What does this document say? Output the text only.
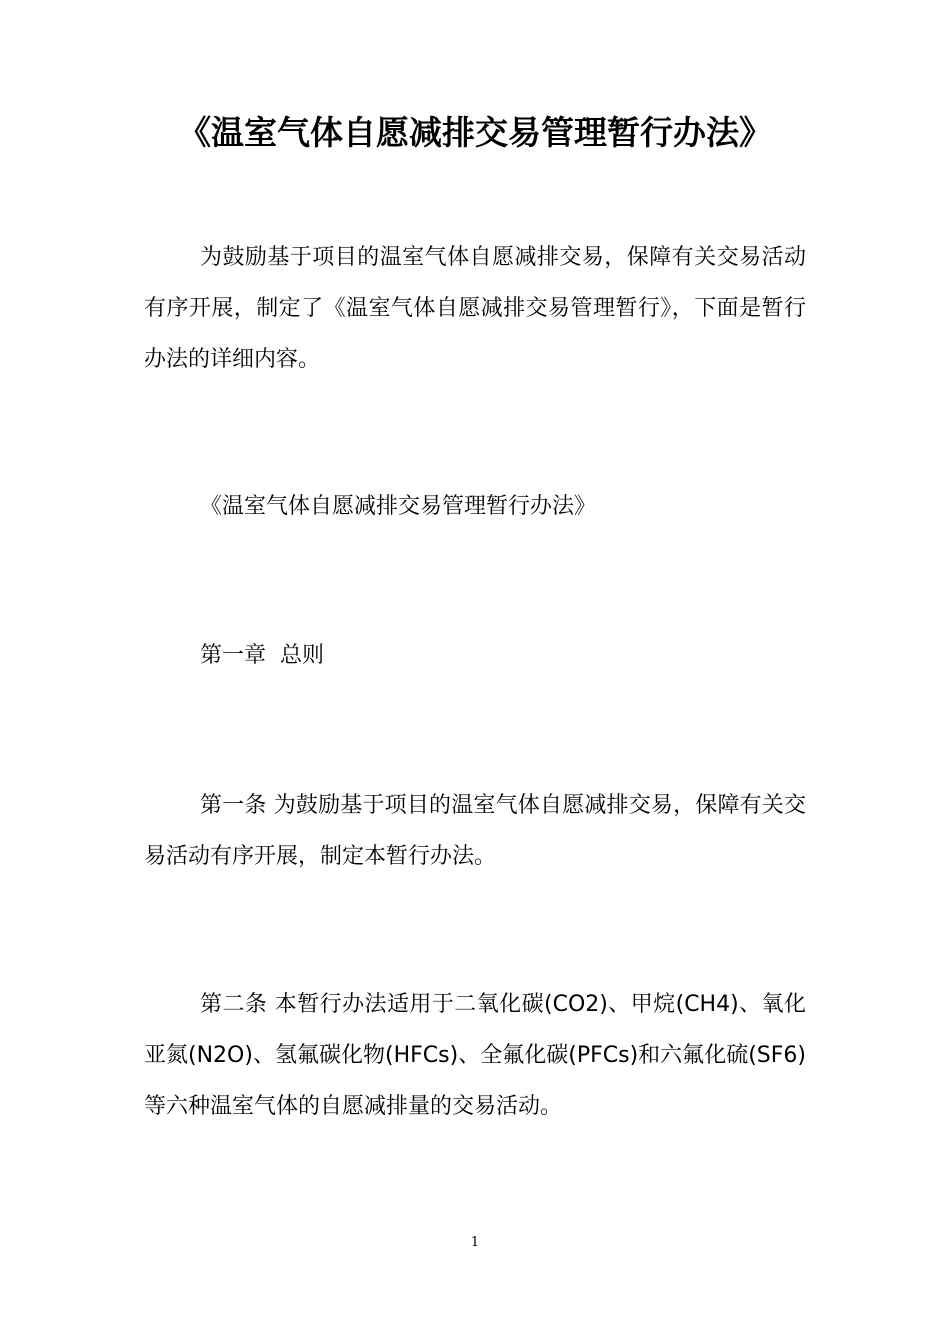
《温室气体自愿减排交易管理暂行办法》

为鼓励基于项目的温室气体自愿减排交易，保障有关交易活动有序开展，制定了《温室气体自愿减排交易管理暂行》，下面是暂行办法的详细内容。

《温室气体自愿减排交易管理暂行办法》

第一章  总则

第一条 为鼓励基于项目的温室气体自愿减排交易，保障有关交易活动有序开展，制定本暂行办法。

第二条 本暂行办法适用于二氧化碳(CO2)、甲烷(CH4)、氧化亚氮(N2O)、氢氟碳化物(HFCs)、全氟化碳(PFCs)和六氟化硫(SF6)等六种温室气体的自愿减排量的交易活动。

1
